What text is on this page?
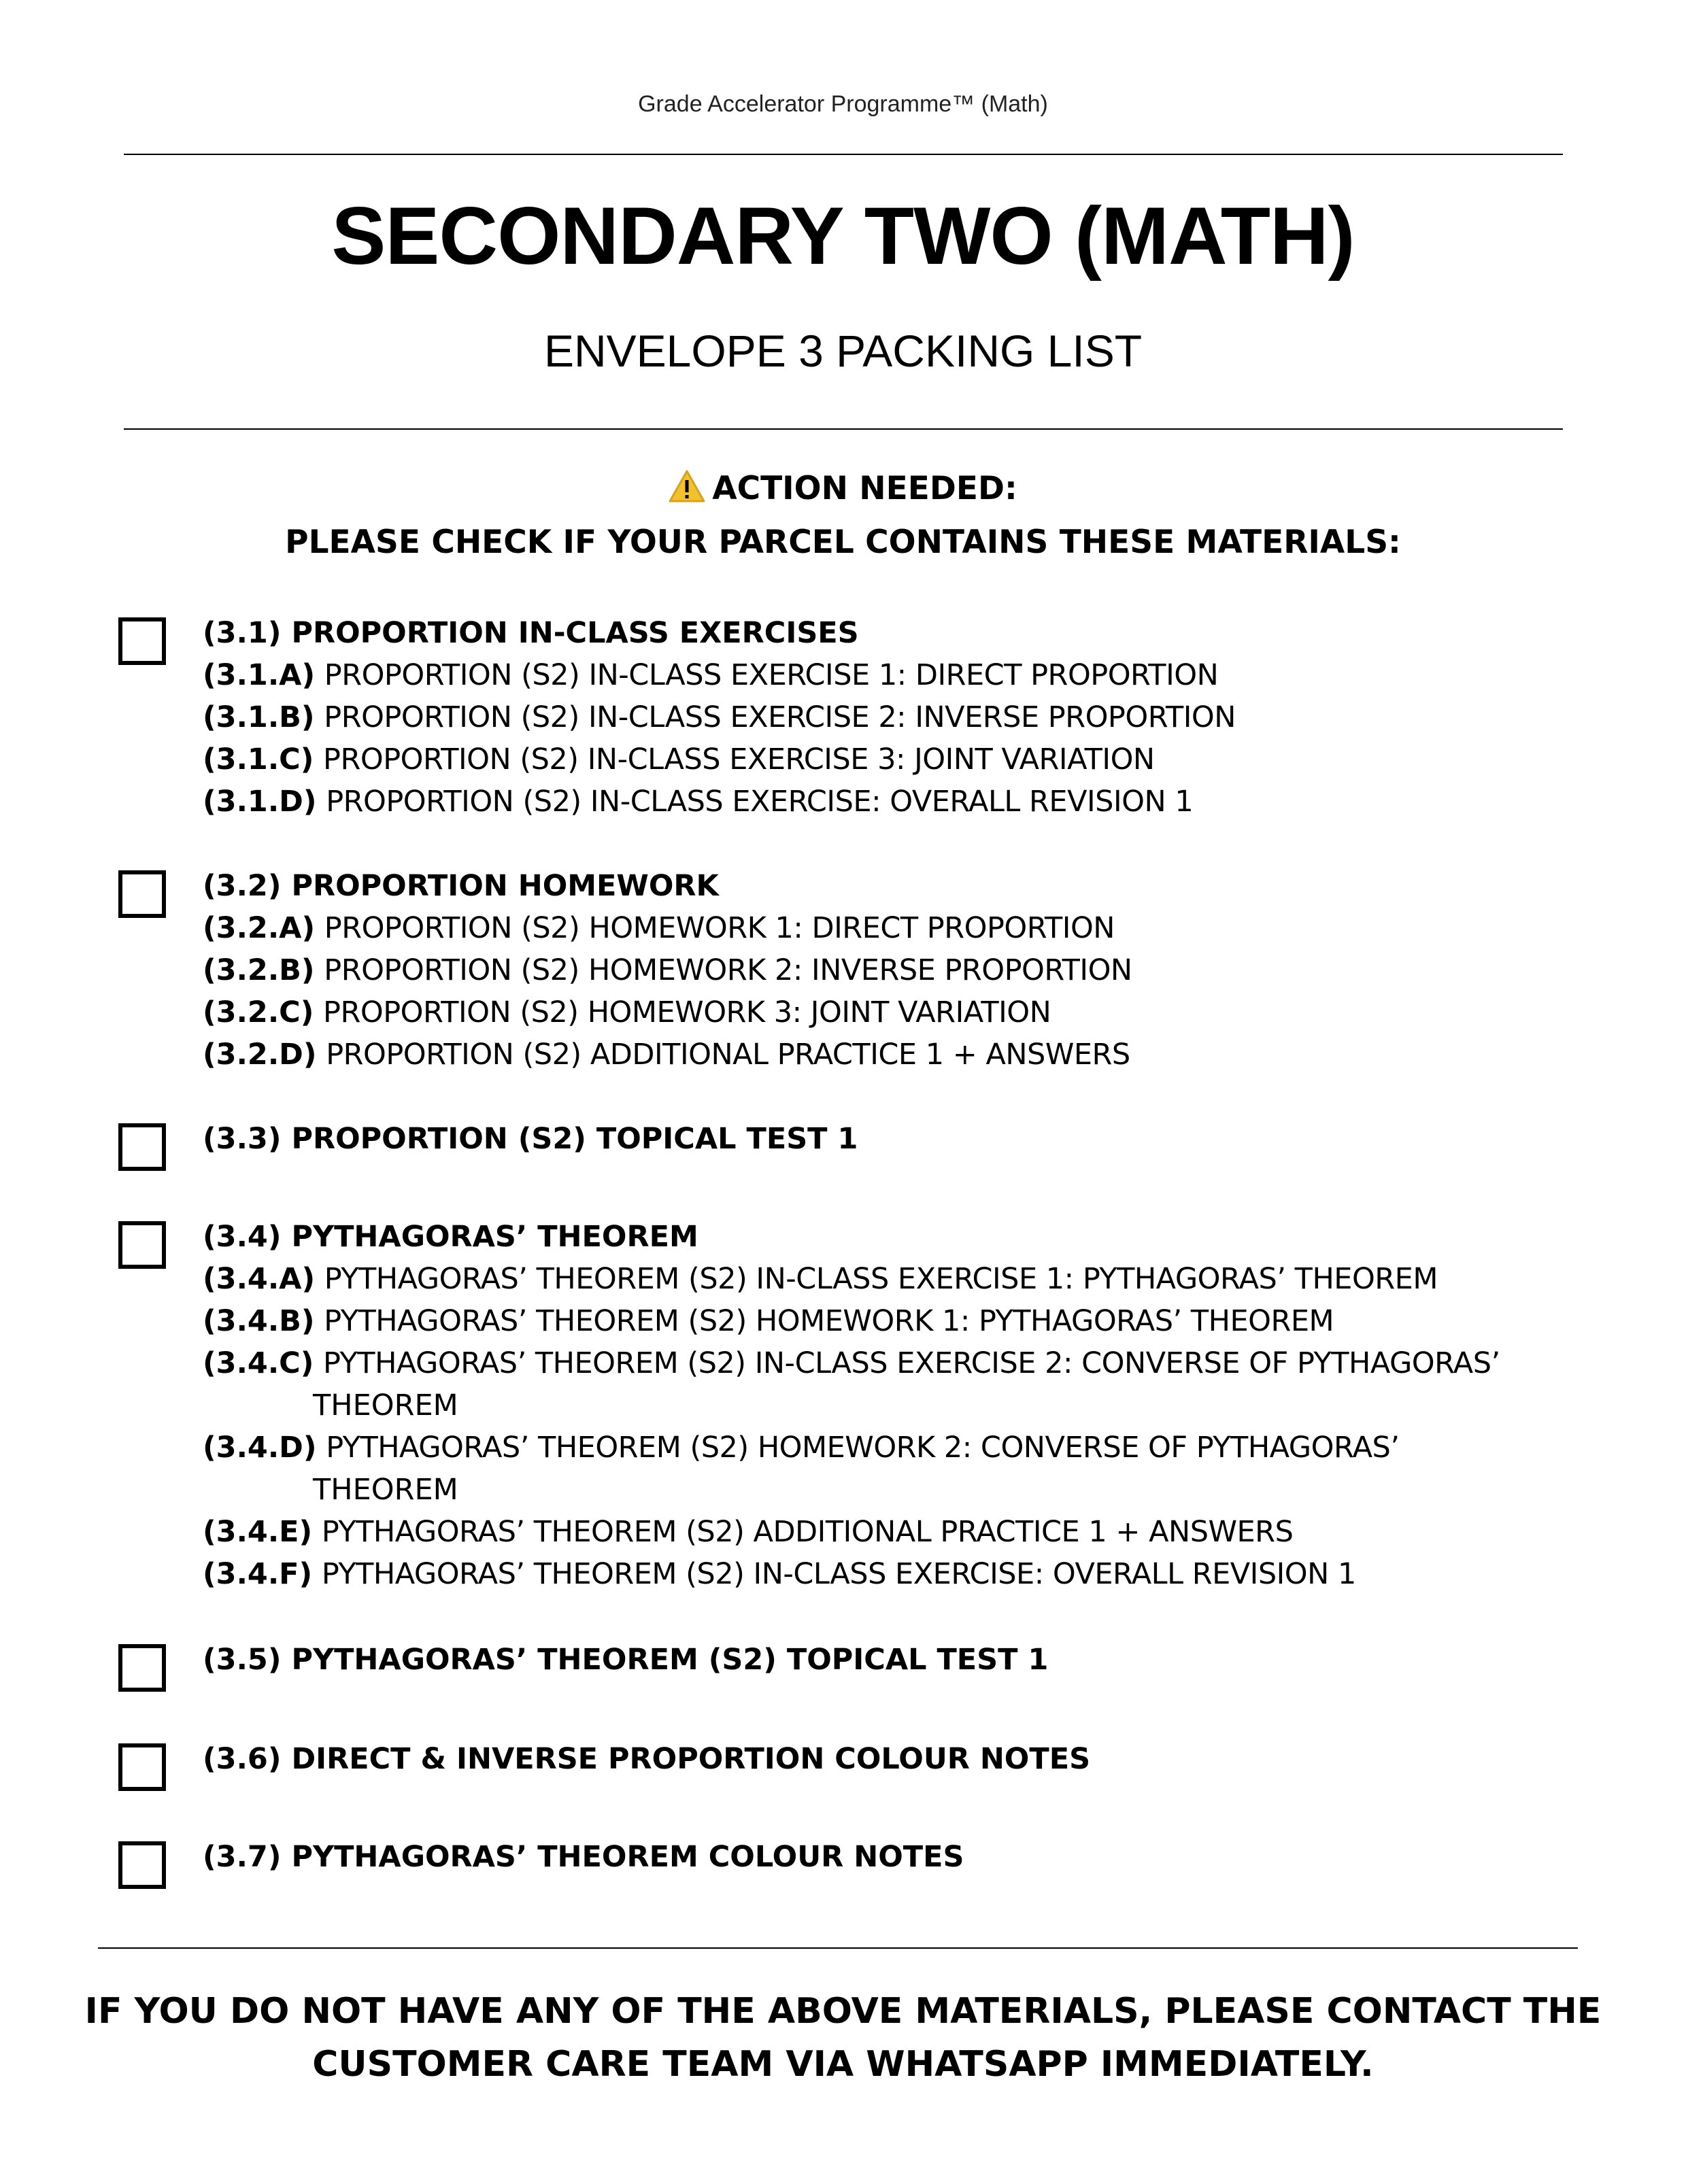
Grade Accelerator Programme™ (Math)
SECONDARY TWO (MATH)
ENVELOPE 3 PACKING LIST
ACTION NEEDED:
PLEASE CHECK IF YOUR PARCEL CONTAINS THESE MATERIALS:
(3.1) PROPORTION IN-CLASS EXERCISES
(3.1.A) PROPORTION (S2) IN-CLASS EXERCISE 1: DIRECT PROPORTION
(3.1.B) PROPORTION (S2) IN-CLASS EXERCISE 2: INVERSE PROPORTION
(3.1.C) PROPORTION (S2) IN-CLASS EXERCISE 3: JOINT VARIATION
(3.1.D) PROPORTION (S2) IN-CLASS EXERCISE: OVERALL REVISION 1
(3.2) PROPORTION HOMEWORK
(3.2.A) PROPORTION (S2) HOMEWORK 1: DIRECT PROPORTION
(3.2.B) PROPORTION (S2) HOMEWORK 2: INVERSE PROPORTION
(3.2.C) PROPORTION (S2) HOMEWORK 3: JOINT VARIATION
(3.2.D) PROPORTION (S2) ADDITIONAL PRACTICE 1 + ANSWERS
(3.3) PROPORTION (S2) TOPICAL TEST 1
(3.4) PYTHAGORAS’ THEOREM
(3.4.A) PYTHAGORAS’ THEOREM (S2) IN-CLASS EXERCISE 1: PYTHAGORAS’ THEOREM
(3.4.B) PYTHAGORAS’ THEOREM (S2) HOMEWORK 1: PYTHAGORAS’ THEOREM
(3.4.C) PYTHAGORAS’ THEOREM (S2) IN-CLASS EXERCISE 2: CONVERSE OF PYTHAGORAS’
THEOREM
(3.4.D) PYTHAGORAS’ THEOREM (S2) HOMEWORK 2: CONVERSE OF PYTHAGORAS’
THEOREM
(3.4.E) PYTHAGORAS’ THEOREM (S2) ADDITIONAL PRACTICE 1 + ANSWERS
(3.4.F) PYTHAGORAS’ THEOREM (S2) IN-CLASS EXERCISE: OVERALL REVISION 1
(3.5) PYTHAGORAS’ THEOREM (S2) TOPICAL TEST 1
(3.6) DIRECT & INVERSE PROPORTION COLOUR NOTES
(3.7) PYTHAGORAS’ THEOREM COLOUR NOTES
IF YOU DO NOT HAVE ANY OF THE ABOVE MATERIALS, PLEASE CONTACT THE
CUSTOMER CARE TEAM VIA WHATSAPP IMMEDIATELY.
